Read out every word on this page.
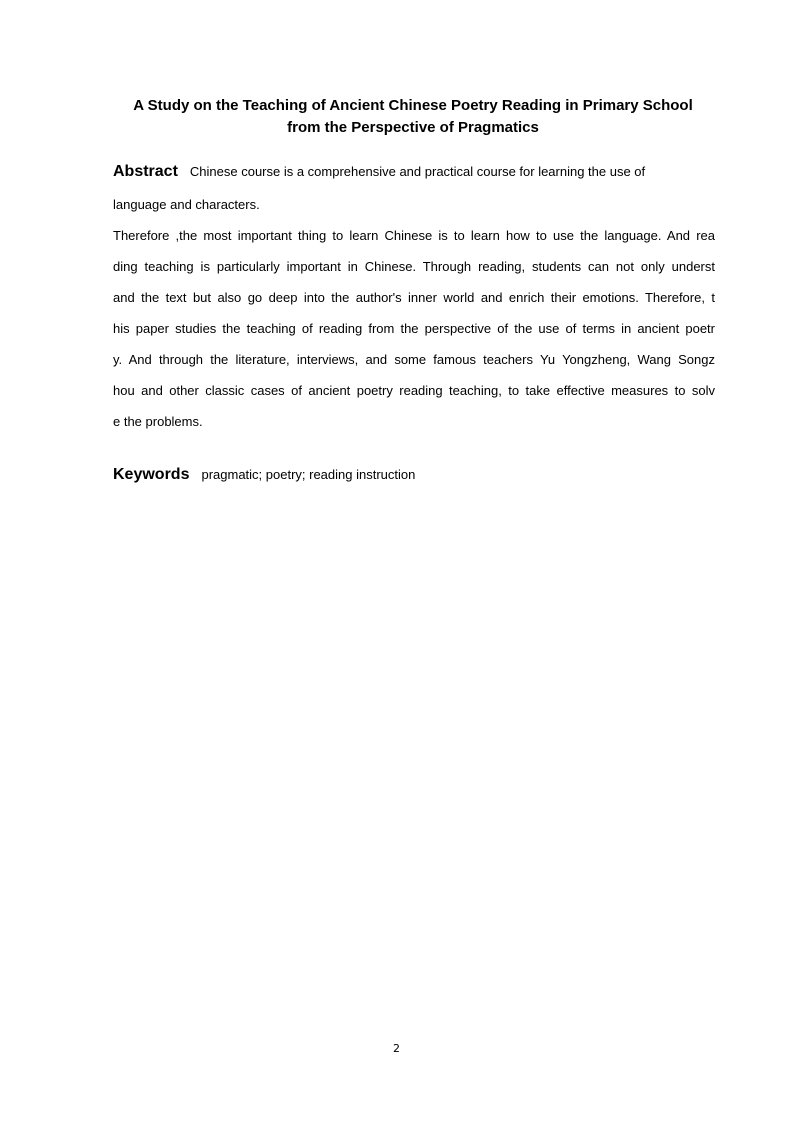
A Study on the Teaching of Ancient Chinese Poetry Reading in Primary School
from the Perspective of Pragmatics

Abstract Chinese course is a comprehensive and practical course for learning the use of

language and characters.

Therefore ,the most important thing to learn Chinese is to learn how to use the language. And rea

ding teaching is particularly important in Chinese. Through reading, students can not only underst

and the text but also go deep into the author's inner world and enrich their emotions. Therefore, t

his paper studies the teaching of reading from the perspective of the use of terms in ancient poetr

y. And through the literature, interviews, and some famous teachers Yu Yongzheng, Wang Songz

hou and other classic cases of ancient poetry reading teaching, to take effective measures to solv

e the problems.

Keywords pragmatic; poetry; reading instruction

2
